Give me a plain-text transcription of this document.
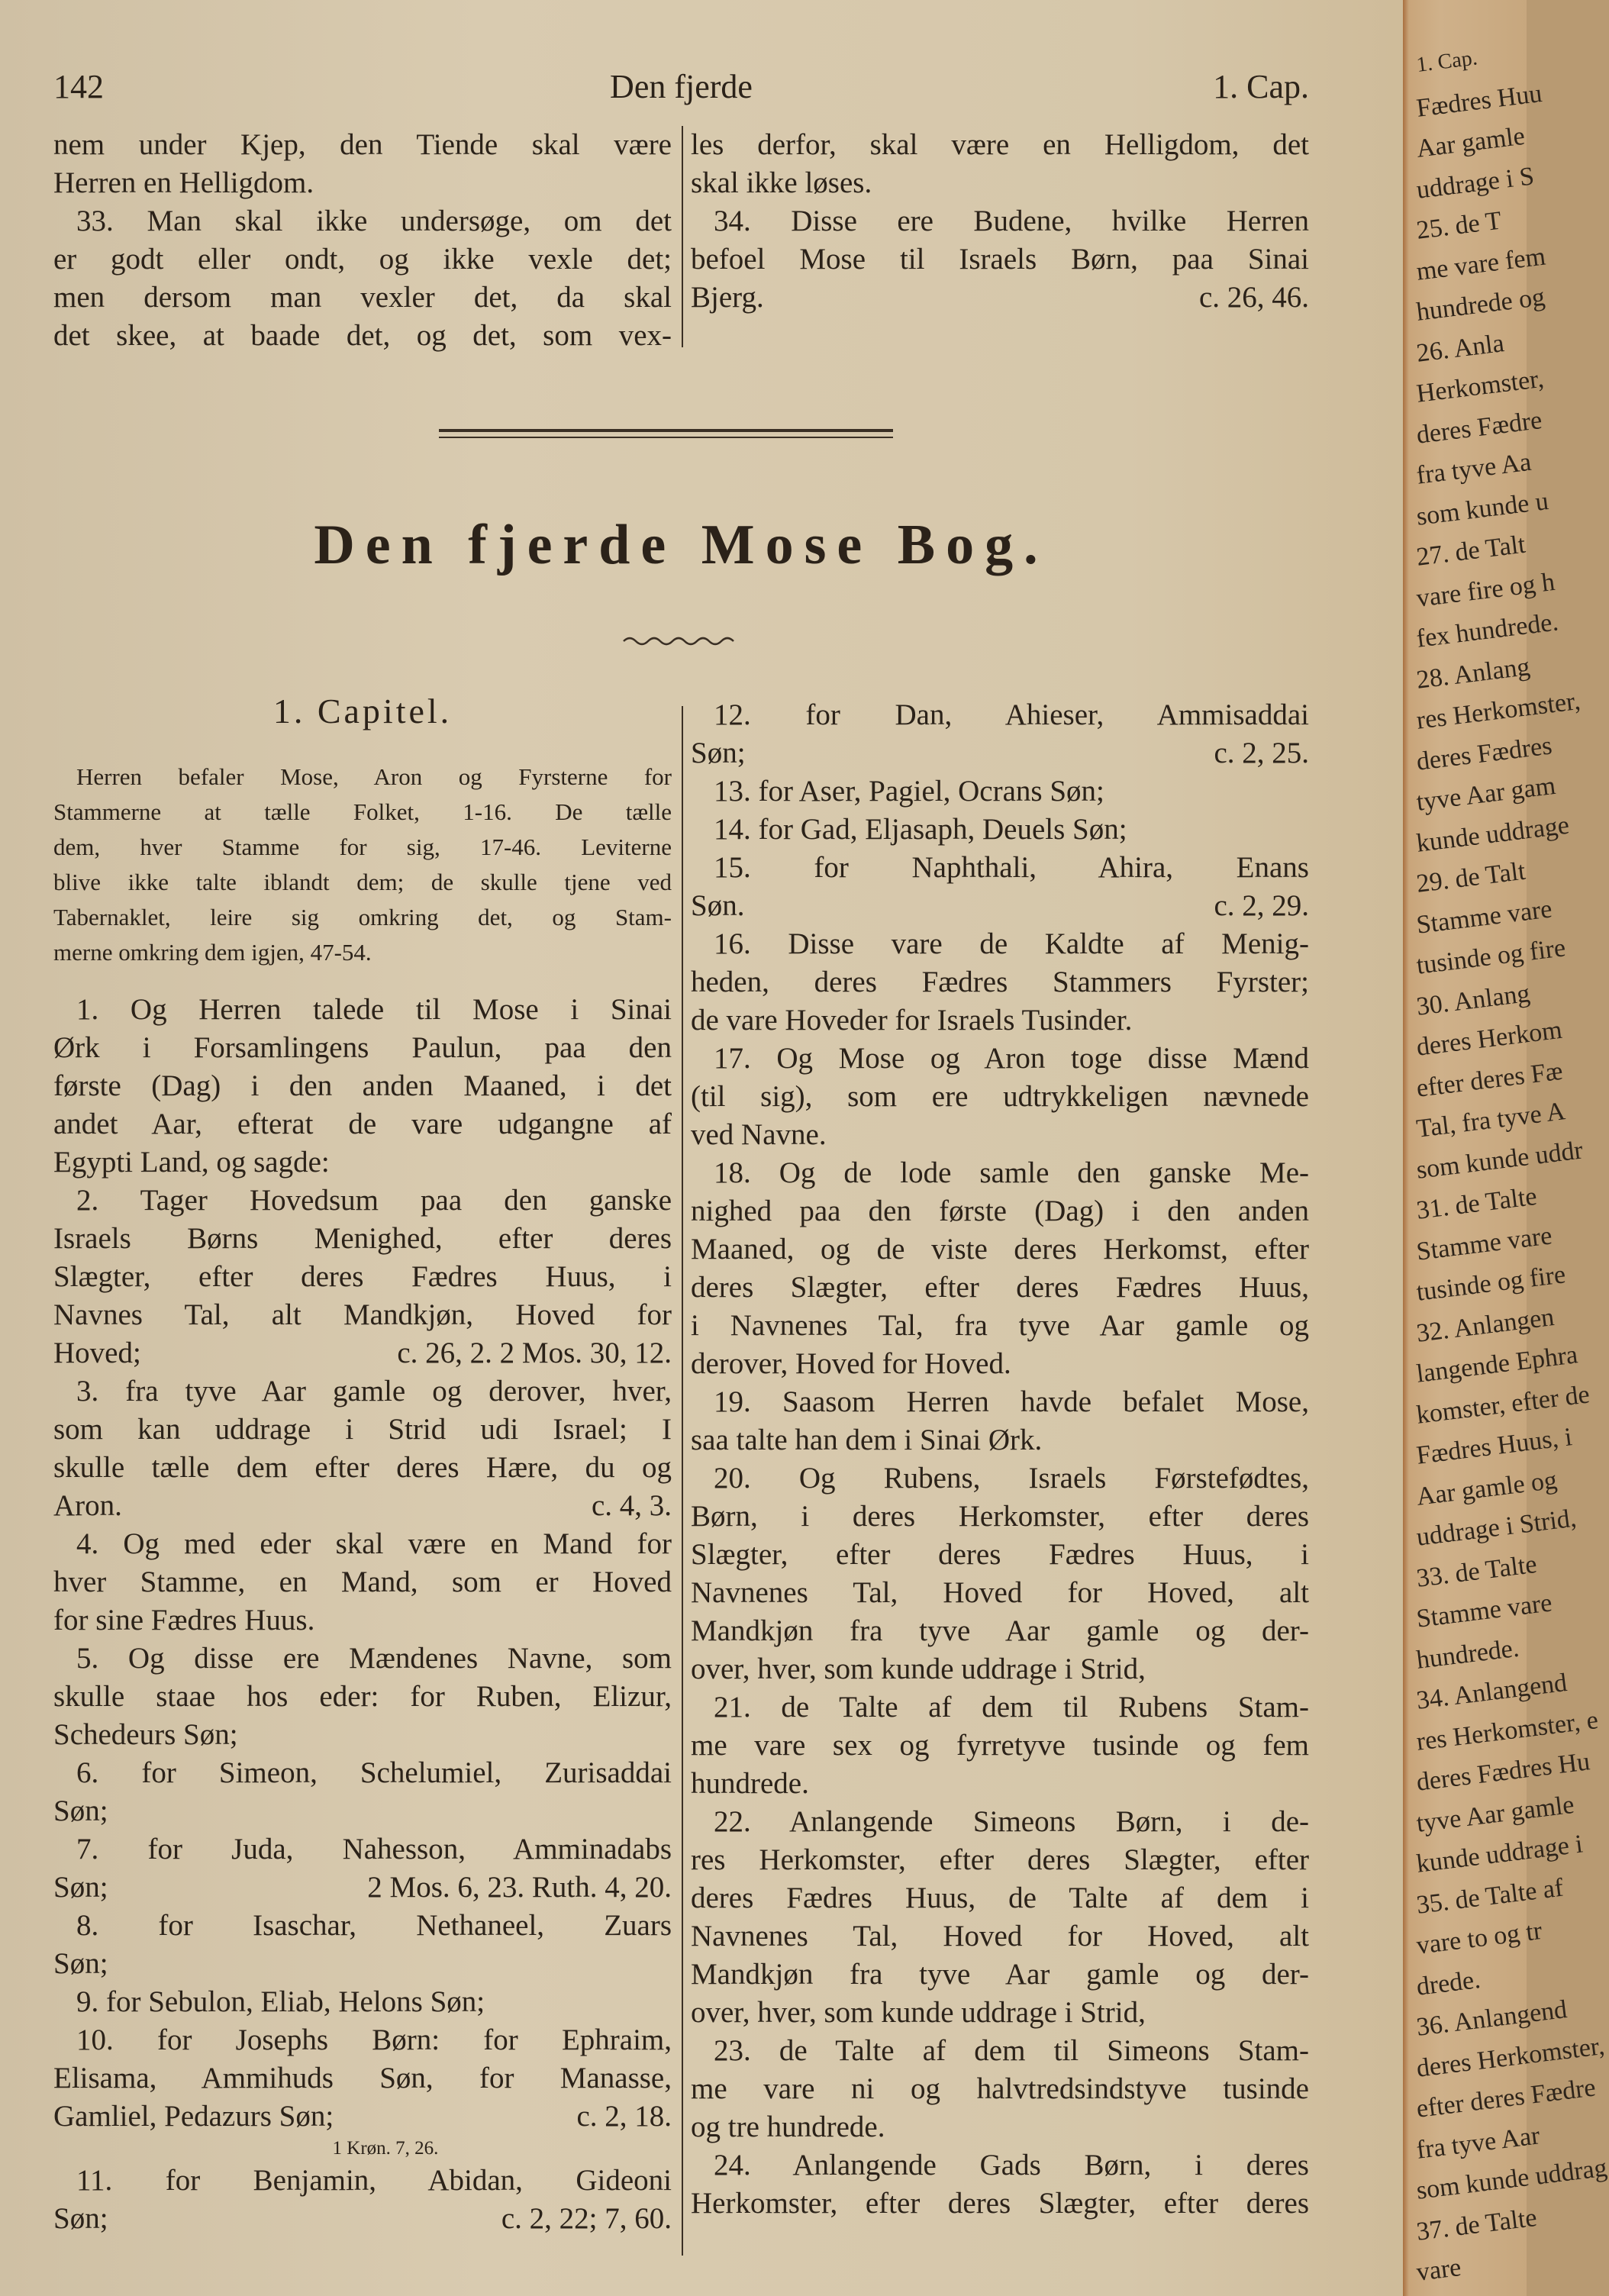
142	Den fjerde	1. Cap.
nem under Kjep, den Tiende skal være
Herren en Helligdom.
33. Man skal ikke undersøge, om det
er godt eller ondt, og ikke vexle det;
men dersom man vexler det, da skal
det skee, at baade det, og det, som vex-
les derfor, skal være en Helligdom, det
skal ikke løses.
34. Disse ere Budene, hvilke Herren
befoel Mose til Israels Børn, paa Sinai
Bjerg.	c. 26, 46.
Den fjerde Mose Bog.
1. Capitel.
Herren befaler Mose, Aron og Fyrsterne for
Stammerne at tælle Folket, 1-16. De tælle
dem, hver Stamme for sig, 17-46. Leviterne
blive ikke talte iblandt dem; de skulle tjene ved
Tabernaklet, leire sig omkring det, og Stam-
merne omkring dem igjen, 47-54.
1. Og Herren talede til Mose i Sinai
Ørk i Forsamlingens Paulun, paa den
første (Dag) i den anden Maaned, i det
andet Aar, efterat de vare udgangne af
Egypti Land, og sagde:
2. Tager Hovedsum paa den ganske
Israels Børns Menighed, efter deres
Slægter, efter deres Fædres Huus, i
Navnes Tal, alt Mandkjøn, Hoved for
Hoved;	c. 26, 2. 2 Mos. 30, 12.
3. fra tyve Aar gamle og derover, hver,
som kan uddrage i Strid udi Israel; I
skulle tælle dem efter deres Hære, du og
Aron.	c. 4, 3.
4. Og med eder skal være en Mand for
hver Stamme, en Mand, som er Hoved
for sine Fædres Huus.
5. Og disse ere Mændenes Navne, som
skulle staae hos eder: for Ruben, Elizur,
Schedeurs Søn;
6. for Simeon, Schelumiel, Zurisaddai
Søn;
7. for Juda, Nahesson, Amminadabs
Søn;	2 Mos. 6, 23. Ruth. 4, 20.
8. for Isaschar, Nethaneel, Zuars
Søn;
9. for Sebulon, Eliab, Helons Søn;
10. for Josephs Børn: for Ephraim,
Elisama, Ammihuds Søn, for Manasse,
Gamliel, Pedazurs Søn;	c. 2, 18.
1 Krøn. 7, 26.
11. for Benjamin, Abidan, Gideoni
Søn;	c. 2, 22; 7, 60.
12. for Dan, Ahieser, Ammisaddai
Søn;	c. 2, 25.
13. for Aser, Pagiel, Ocrans Søn;
14. for Gad, Eljasaph, Deuels Søn;
15. for Naphthali, Ahira, Enans
Søn.	c. 2, 29.
16. Disse vare de Kaldte af Menig-
heden, deres Fædres Stammers Fyrster;
de vare Hoveder for Israels Tusinder.
17. Og Mose og Aron toge disse Mænd
(til sig), som ere udtrykkeligen nævnede
ved Navne.
18. Og de lode samle den ganske Me-
nighed paa den første (Dag) i den anden
Maaned, og de viste deres Herkomst, efter
deres Slægter, efter deres Fædres Huus,
i Navnenes Tal, fra tyve Aar gamle og
derover, Hoved for Hoved.
19. Saasom Herren havde befalet Mose,
saa talte han dem i Sinai Ørk.
20. Og Rubens, Israels Førstefødtes,
Børn, i deres Herkomster, efter deres
Slægter, efter deres Fædres Huus, i
Navnenes Tal, Hoved for Hoved, alt
Mandkjøn fra tyve Aar gamle og der-
over, hver, som kunde uddrage i Strid,
21. de Talte af dem til Rubens Stam-
me vare sex og fyrretyve tusinde og fem
hundrede.
22. Anlangende Simeons Børn, i de-
res Herkomster, efter deres Slægter, efter
deres Fædres Huus, de Talte af dem i
Navnenes Tal, Hoved for Hoved, alt
Mandkjøn fra tyve Aar gamle og der-
over, hver, som kunde uddrage i Strid,
23. de Talte af dem til Simeons Stam-
me vare ni og halvtredsindstyve tusinde
og tre hundrede.
24. Anlangende Gads Børn, i deres
Herkomster, efter deres Slægter, efter deres
1. Cap.
Fædres Huu
Aar gamle
uddrage i S
25. de T
me vare fem
hundrede og
26. Anla
Herkomster,
deres Fædre
fra tyve Aa
som kunde u
27. de Talt
vare fire og h
fex hundrede.
28. Anlang
res Herkomster,
deres Fædres
tyve Aar gam
kunde uddrage
29. de Talt
Stamme vare
tusinde og fire
30. Anlang
deres Herkom
efter deres Fæ
Tal, fra tyve A
som kunde uddr
31. de Talte
Stamme vare
tusinde og fire
32. Anlangen
langende Ephra
komster, efter de
Fædres Huus, i
Aar gamle og
uddrage i Strid,
33. de Talte
Stamme vare
hundrede.
34. Anlangend
res Herkomster, e
deres Fædres Hu
tyve Aar gamle
kunde uddrage i
35. de Talte af
vare to og tr
drede.
36. Anlangend
deres Herkomster,
efter deres Fædre
fra tyve Aar
som kunde uddrag
37. de Talte
vare
